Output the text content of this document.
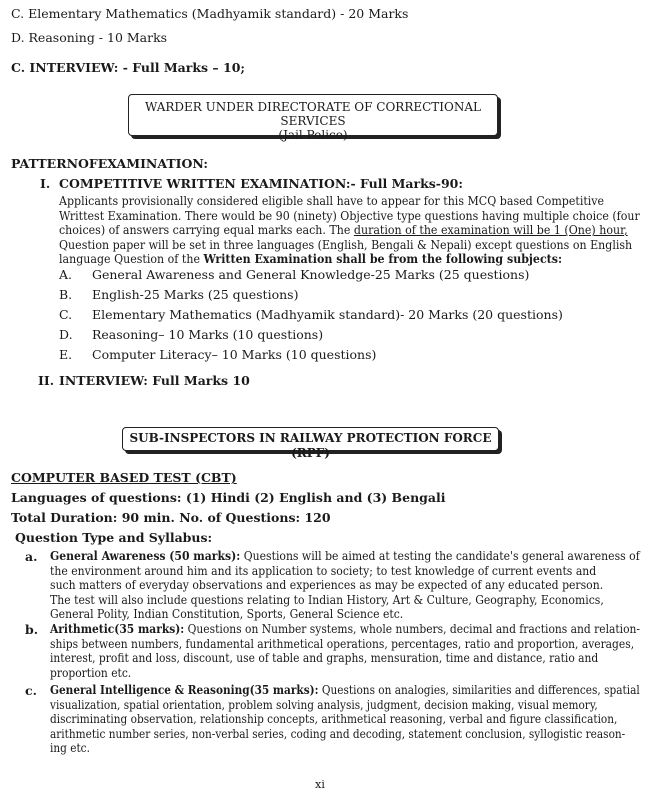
C. Elementary Mathematics (Madhyamik standard) - 20 Marks
D. Reasoning - 10 Marks
C. INTERVIEW: - Full Marks – 10;
WARDER UNDER DIRECTORATE OF CORRECTIONAL SERVICES
(Jail Police)
PATTERNOFEXAMINATION:
I. COMPETITIVE WRITTEN EXAMINATION:- Full Marks-90:
Applicants provisionally considered eligible shall have to appear for this MCQ based Competitive
Writtest Examination. There would be 90 (ninety) Objective type questions having multiple choice (four
choices) of answers carrying equal marks each. The duration of the examination will be 1 (One) hour,
Question paper will be set in three languages (English, Bengali & Nepali) except questions on English
language Question of the Written Examination shall be from the following subjects:
A.	General Awareness and General Knowledge-25 Marks (25 questions)
B.	English-25 Marks (25 questions)
C.	Elementary Mathematics (Madhyamik standard)- 20 Marks (20 questions)
D.	Reasoning– 10 Marks (10 questions)
E.	Computer Literacy– 10 Marks (10 questions)
II. INTERVIEW: Full Marks 10
SUB-INSPECTORS IN RAILWAY PROTECTION FORCE (RPF)
COMPUTER BASED TEST (CBT)
Languages of questions: (1) Hindi (2) English and (3) Bengali
Total Duration: 90 min. No. of Questions: 120
Question Type and Syllabus:
a. General Awareness (50 marks): Questions will be aimed at testing the candidate's general awareness of
the environment around him and its application to society; to test knowledge of current events and
such matters of everyday observations and experiences as may be expected of any educated person.
The test will also include questions relating to Indian History, Art & Culture, Geography, Economics,
General Polity, Indian Constitution, Sports, General Science etc.
b. Arithmetic(35 marks): Questions on Number systems, whole numbers, decimal and fractions and relation-
ships between numbers, fundamental arithmetical operations, percentages, ratio and proportion, averages,
interest, profit and loss, discount, use of table and graphs, mensuration, time and distance, ratio and
proportion etc.
c. General Intelligence & Reasoning(35 marks): Questions on analogies, similarities and differences, spatial
visualization, spatial orientation, problem solving analysis, judgment, decision making, visual memory,
discriminating observation, relationship concepts, arithmetical reasoning, verbal and figure classification,
arithmetic number series, non-verbal series, coding and decoding, statement conclusion, syllogistic reason-
ing etc.
xi
